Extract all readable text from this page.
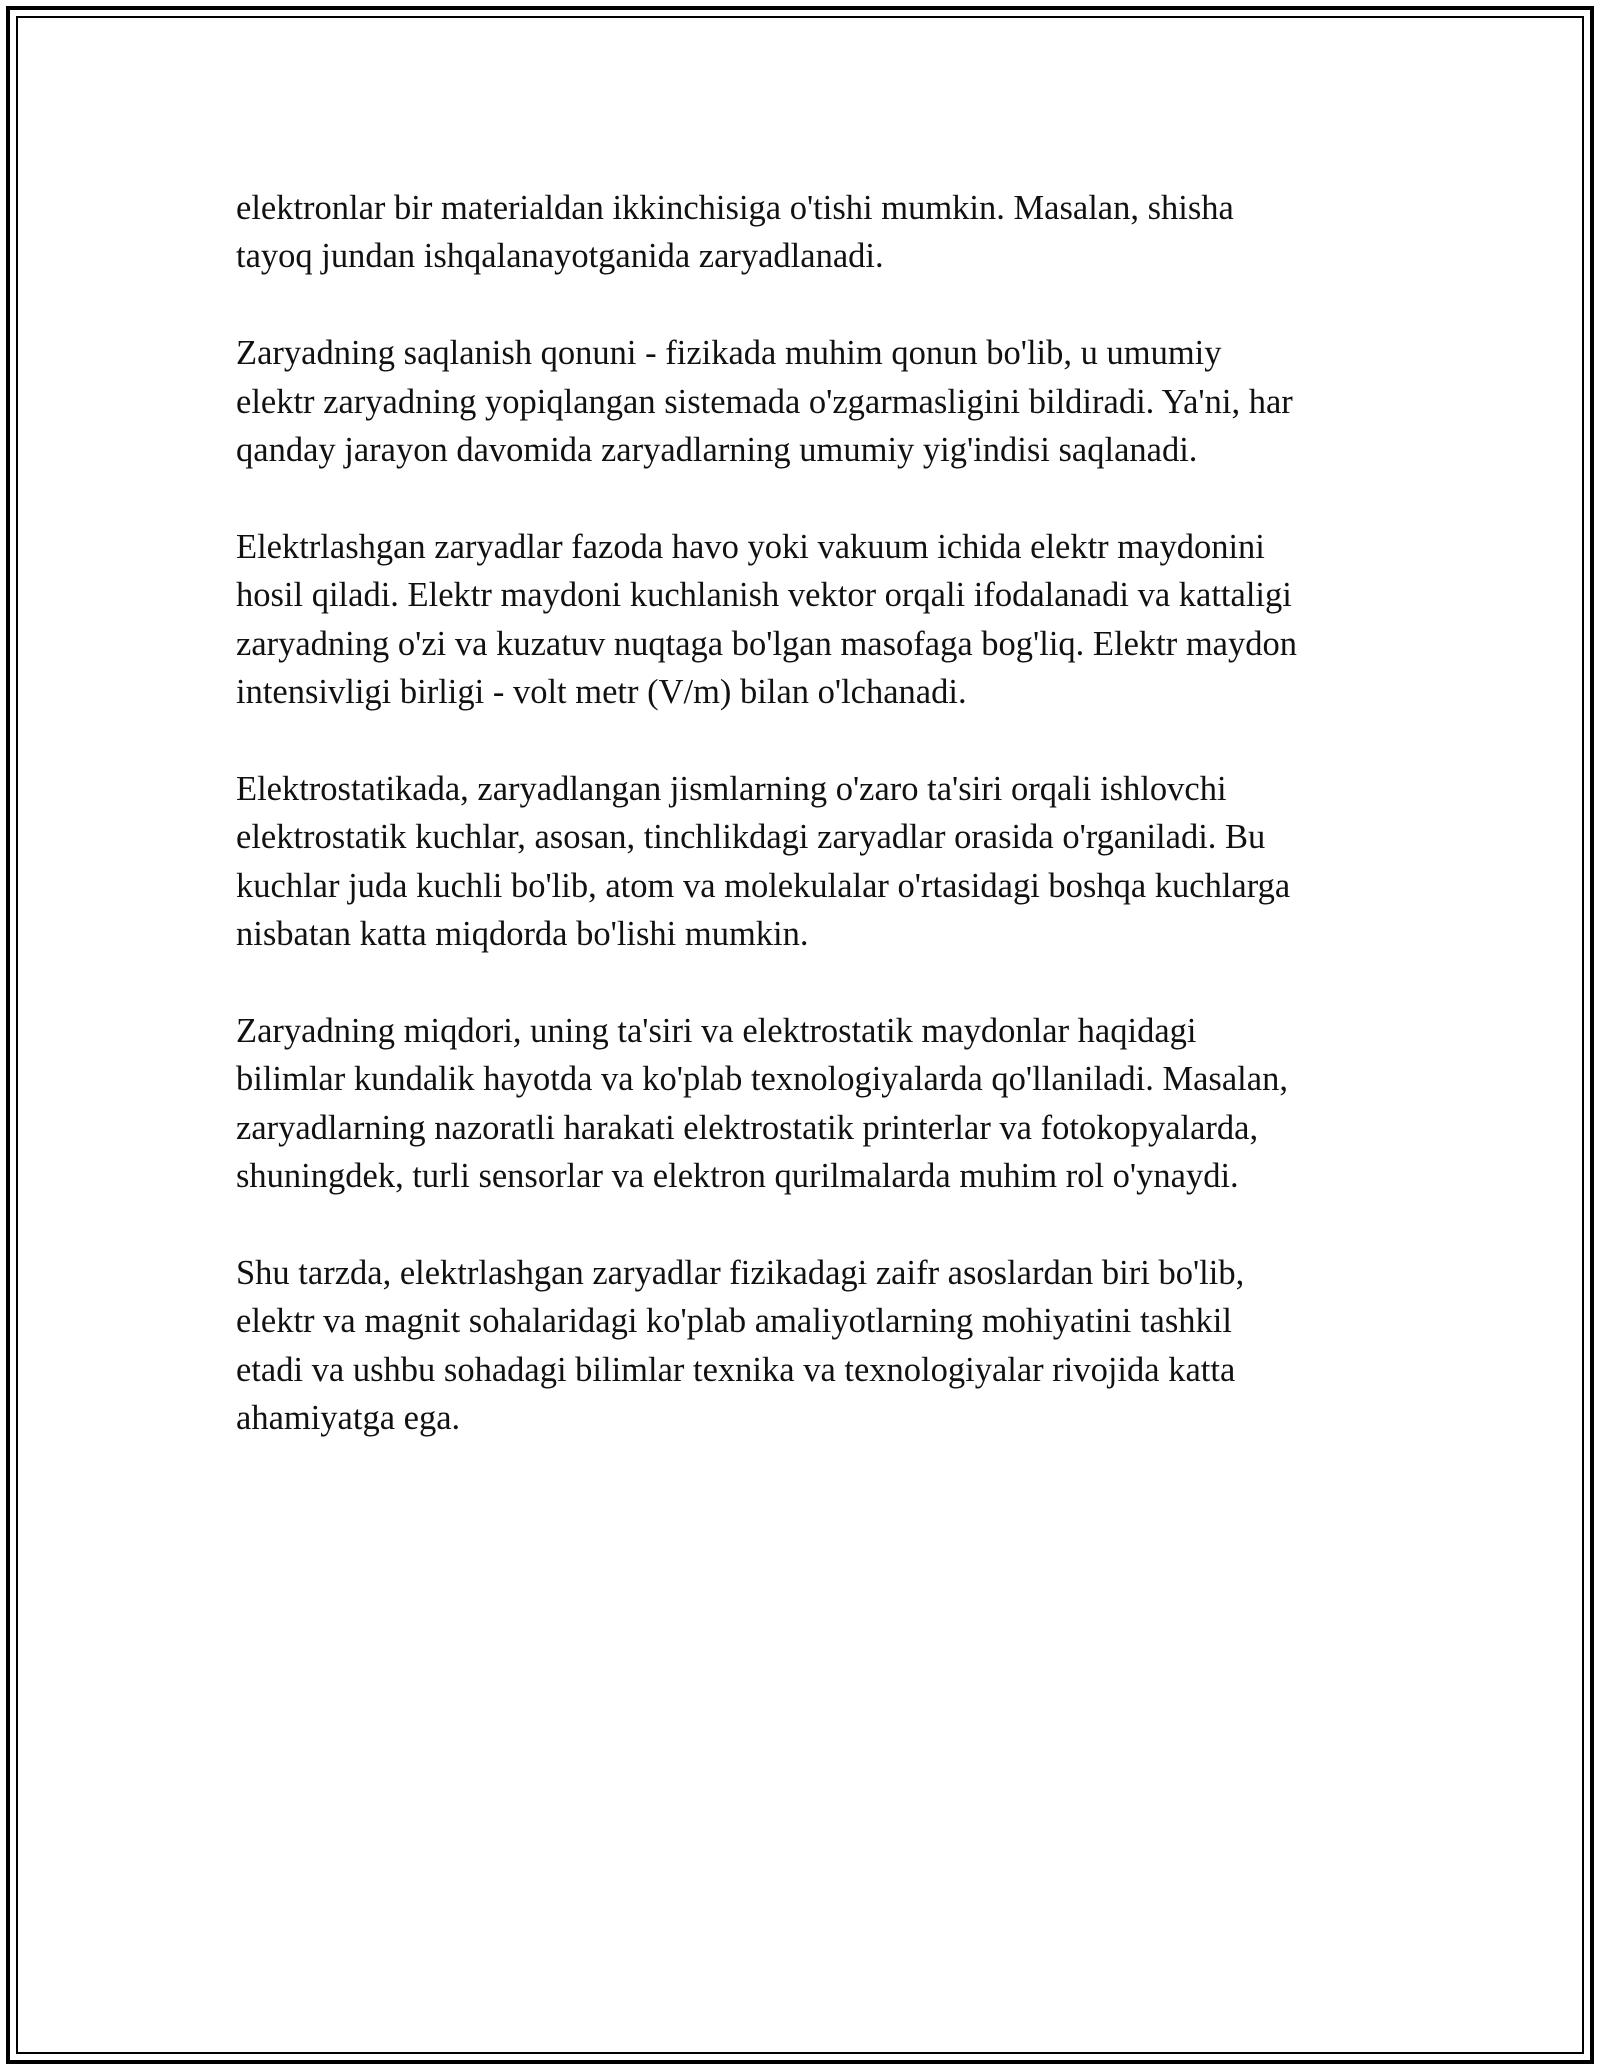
elektronlar bir materialdan ikkinchisiga o'tishi mumkin. Masalan, shisha
tayoq jundan ishqalanayotganida zaryadlanadi.

Zaryadning saqlanish qonuni - fizikada muhim qonun bo'lib, u umumiy
elektr zaryadning yopiqlangan sistemada o'zgarmasligini bildiradi. Ya'ni, har
qanday jarayon davomida zaryadlarning umumiy yig'indisi saqlanadi.

Elektrlashgan zaryadlar fazoda havo yoki vakuum ichida elektr maydonini
hosil qiladi. Elektr maydoni kuchlanish vektor orqali ifodalanadi va kattaligi
zaryadning o'zi va kuzatuv nuqtaga bo'lgan masofaga bog'liq. Elektr maydon
intensivligi birligi - volt metr (V/m) bilan o'lchanadi.

Elektrostatikada, zaryadlangan jismlarning o'zaro ta'siri orqali ishlovchi
elektrostatik kuchlar, asosan, tinchlikdagi zaryadlar orasida o'rganiladi. Bu
kuchlar juda kuchli bo'lib, atom va molekulalar o'rtasidagi boshqa kuchlarga
nisbatan katta miqdorda bo'lishi mumkin.

Zaryadning miqdori, uning ta'siri va elektrostatik maydonlar haqidagi
bilimlar kundalik hayotda va ko'plab texnologiyalarda qo'llaniladi. Masalan,
zaryadlarning nazoratli harakati elektrostatik printerlar va fotokopyalarda,
shuningdek, turli sensorlar va elektron qurilmalarda muhim rol o'ynaydi.

Shu tarzda, elektrlashgan zaryadlar fizikadagi zaifr asoslardan biri bo'lib,
elektr va magnit sohalaridagi ko'plab amaliyotlarning mohiyatini tashkil
etadi va ushbu sohadagi bilimlar texnika va texnologiyalar rivojida katta
ahamiyatga ega.
